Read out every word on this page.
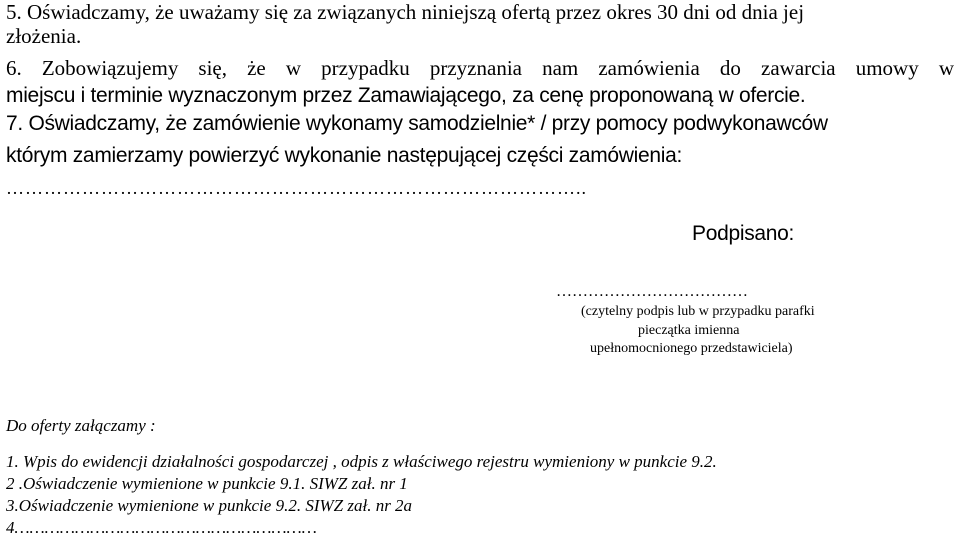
5. Oświadczamy, że uważamy się za związanych niniejszą ofertą przez okres 30 dni od dnia jej
złożenia.
6. Zobowiązujemy się, że w przypadku przyznania nam zamówienia do zawarcia umowy w
miejscu i terminie wyznaczonym przez Zamawiającego, za cenę proponowaną w ofercie.
7. Oświadczamy, że zamówienie wykonamy samodzielnie* / przy pomocy podwykonawców
którym zamierzamy powierzyć wykonanie następującej części zamówienia:
………………………………………………………………………………..
Podpisano:
………………………………
(czytelny podpis lub w przypadku parafki
pieczątka imienna
upełnomocnionego przedstawiciela)
Do oferty załączamy :
1. Wpis do ewidencji działalności gospodarczej , odpis z właściwego rejestru wymieniony w punkcie 9.2.
2 .Oświadczenie wymienione w punkcie 9.1. SIWZ zał. nr 1
3.Oświadczenie wymienione w punkcie 9.2. SIWZ zał. nr 2a
4……………………………………………………
